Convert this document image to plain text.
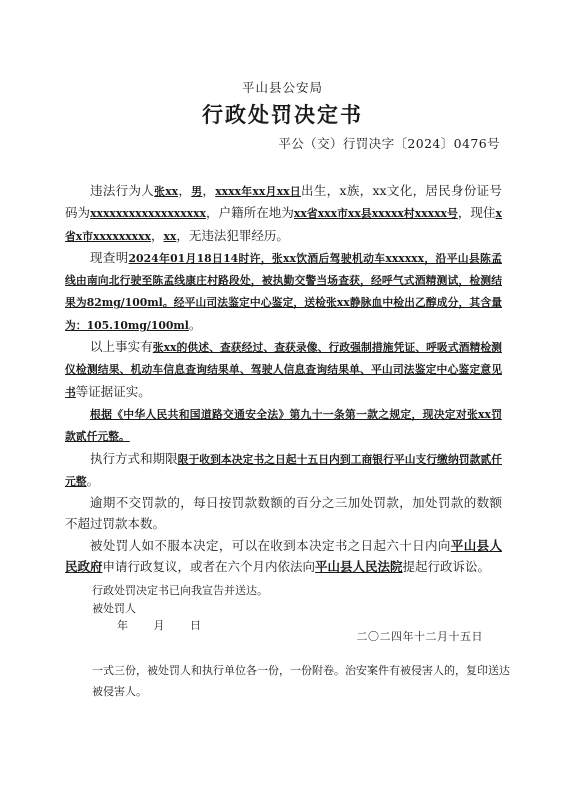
平山县公安局
行政处罚决定书
平公（交）行罚决字〔2024〕0476号

违法行为人张xx，男，xxxx年xx月xx日出生，x族，xx文化，居民身份证号码为xxxxxxxxxxxxxxxxxx，户籍所在地为xx省xxx市xx县xxxxx村xxxxx号，现住x省x市xxxxxxxxx，xx，无违法犯罪经历。

现查明2024年01月18日14时许，张xx饮酒后驾驶机动车xxxxxx，沿平山县陈孟线由南向北行驶至陈孟线康庄村路段处，被执勤交警当场查获，经呼气式酒精测试，检测结果为82mg/100ml。经平山司法鉴定中心鉴定，送检张xx静脉血中检出乙醇成分，其含量为：105.10mg/100ml。

以上事实有张xx的供述、查获经过、查获录像、行政强制措施凭证、呼吸式酒精检测仪检测结果、机动车信息查询结果单、驾驶人信息查询结果单、平山司法鉴定中心鉴定意见书等证据证实。

根据《中华人民共和国道路交通安全法》第九十一条第一款之规定，现决定对张xx罚款贰仟元整。

执行方式和期限限于收到本决定书之日起十五日内到工商银行平山支行缴纳罚款贰仟元整。

逾期不交罚款的，每日按罚款数额的百分之三加处罚款，加处罚款的数额不超过罚款本数。

被处罚人如不服本决定，可以在收到本决定书之日起六十日内向平山县人民政府申请行政复议，或者在六个月内依法向平山县人民法院提起行政诉讼。

行政处罚决定书已向我宣告并送达。
被处罚人
年 月 日
二〇二四年十二月十五日
一式三份，被处罚人和执行单位各一份，一份附卷。治安案件有被侵害人的，复印送达被侵害人。
